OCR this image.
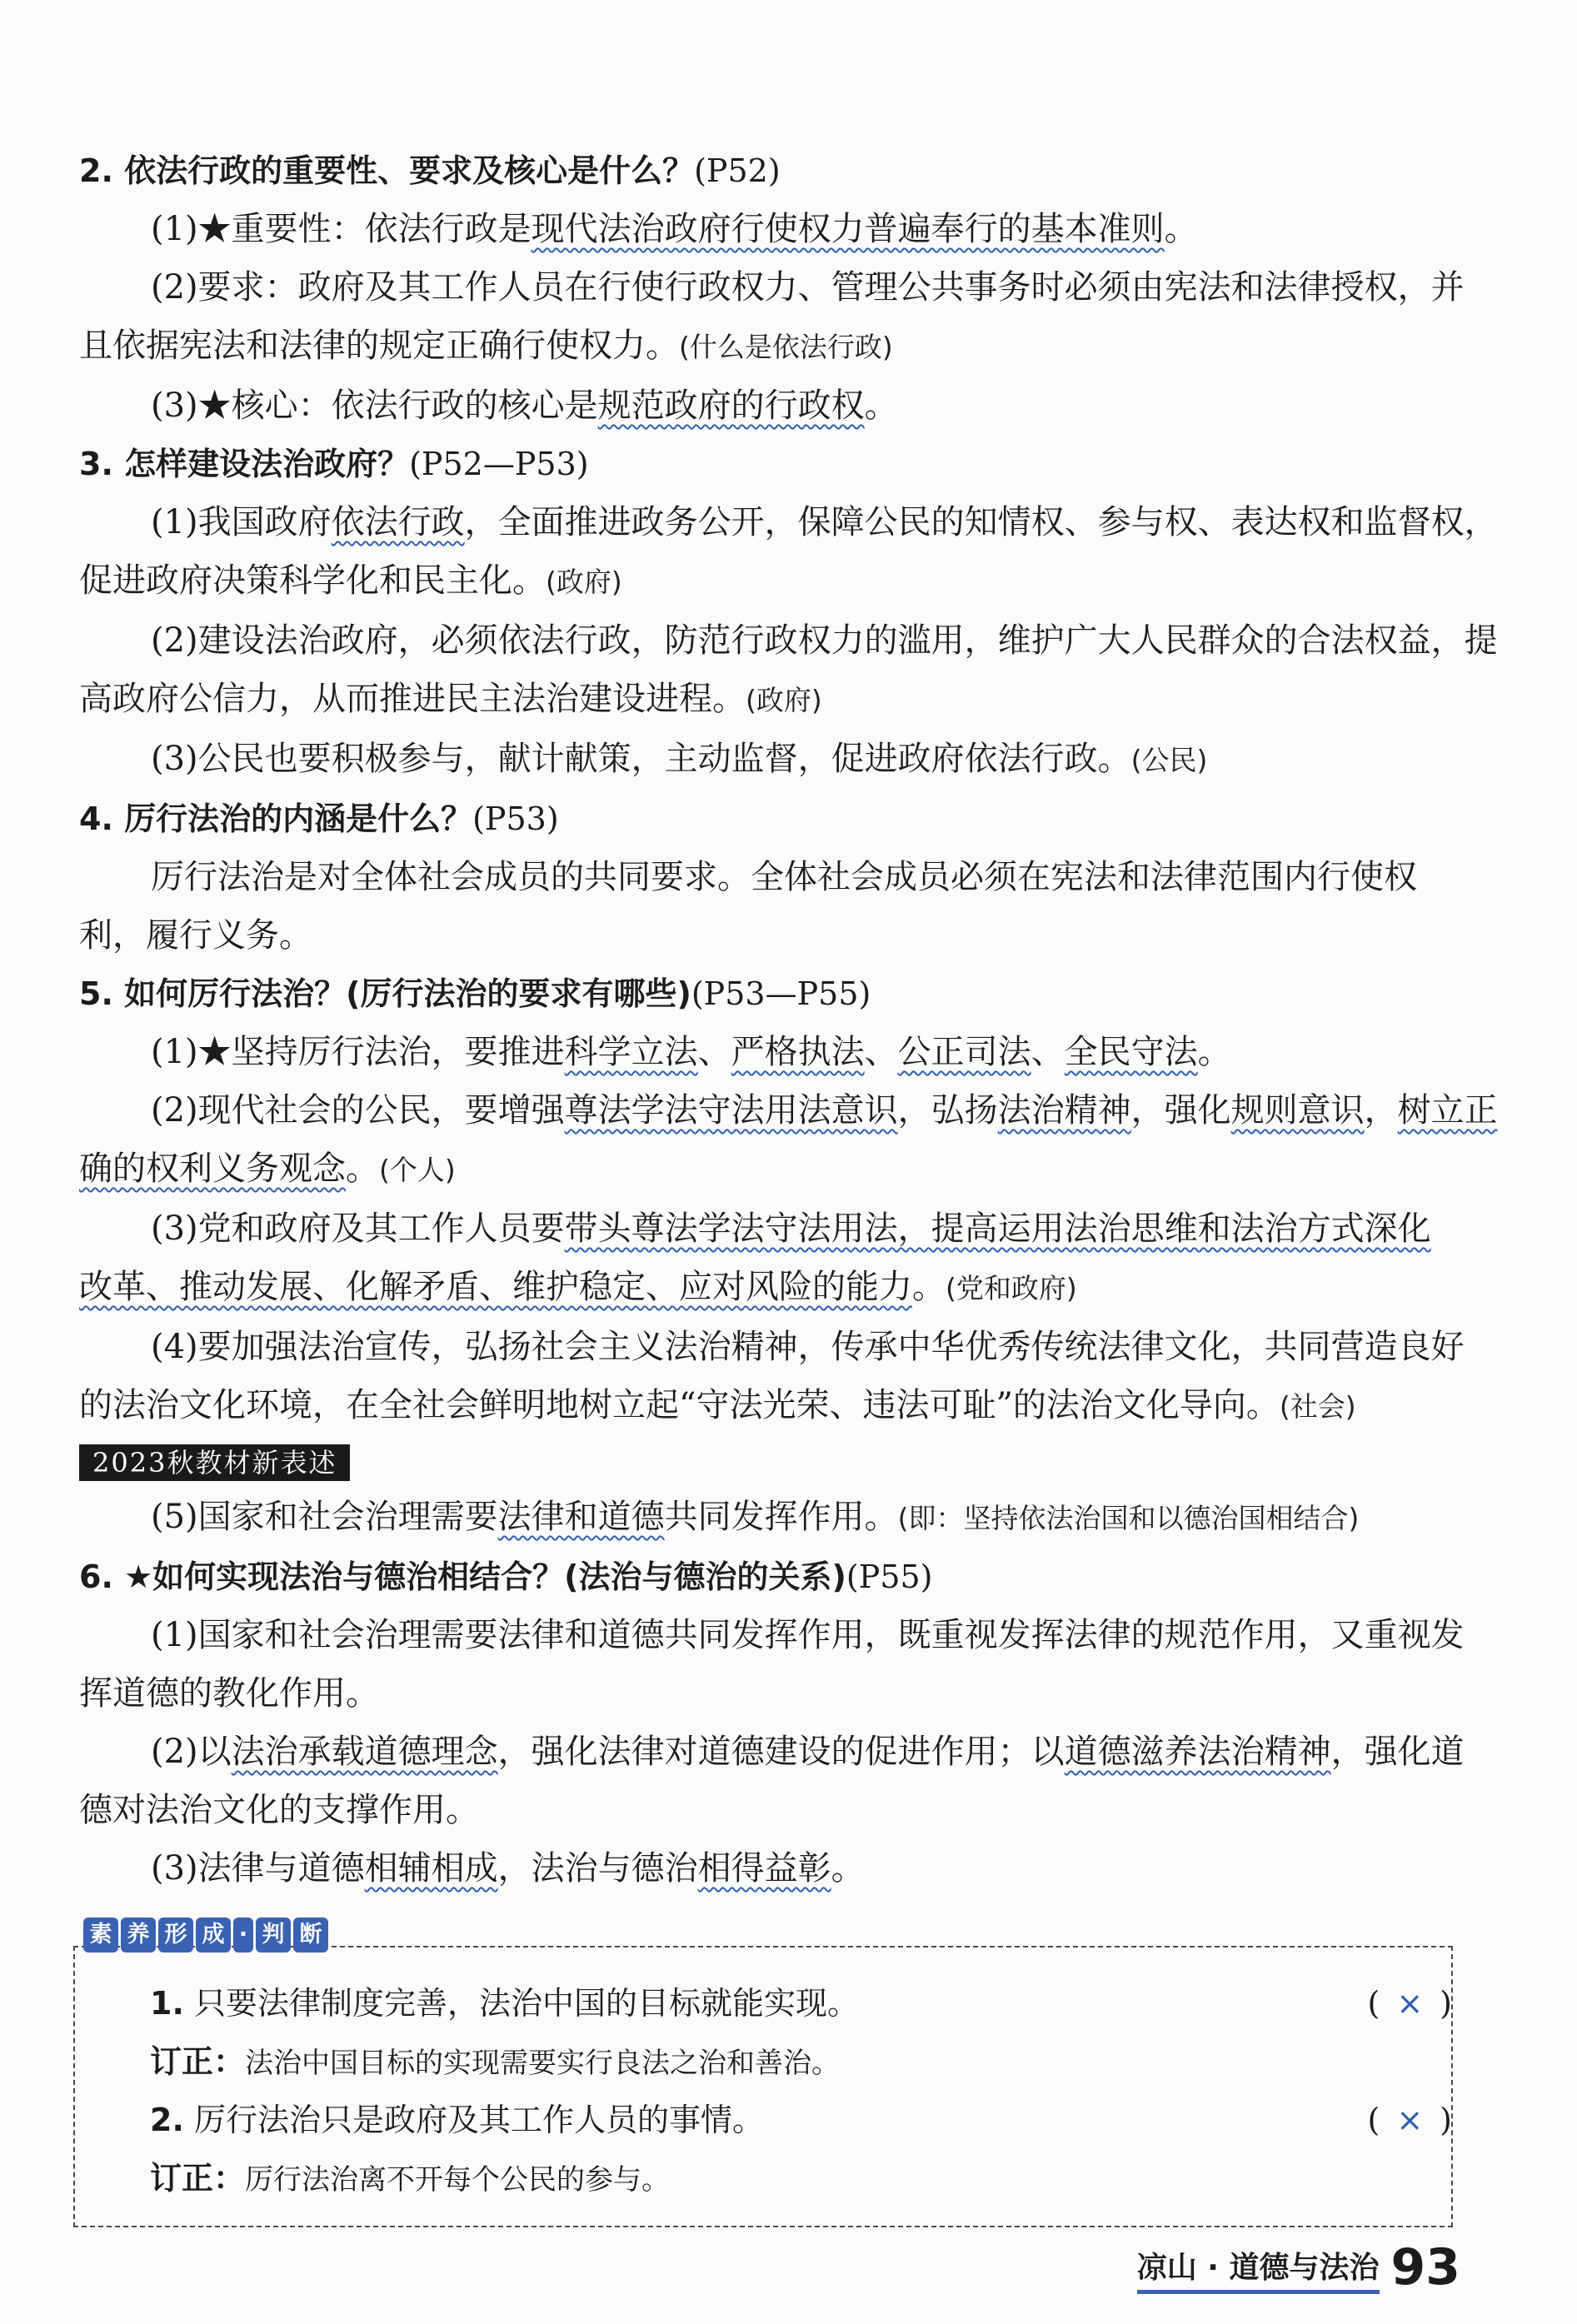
2. 依法行政的重要性、要求及核心是什么？(P52)

(1)★重要性：依法行政是现代法治政府行使权力普遍奉行的基本准则。

(2)要求：政府及其工作人员在行使行政权力、管理公共事务时必须由宪法和法律授权，并

且依据宪法和法律的规定正确行使权力。(什么是依法行政)

(3)★核心：依法行政的核心是规范政府的行政权。

3. 怎样建设法治政府？(P52—P53)

(1)我国政府依法行政，全面推进政务公开，保障公民的知情权、参与权、表达权和监督权，

促进政府决策科学化和民主化。(政府)

(2)建设法治政府，必须依法行政，防范行政权力的滥用，维护广大人民群众的合法权益，提

高政府公信力，从而推进民主法治建设进程。(政府)

(3)公民也要积极参与，献计献策，主动监督，促进政府依法行政。(公民)

4. 厉行法治的内涵是什么？(P53)

厉行法治是对全体社会成员的共同要求。全体社会成员必须在宪法和法律范围内行使权

利，履行义务。

5. 如何厉行法治？(厉行法治的要求有哪些)(P53—P55)

(1)★坚持厉行法治，要推进科学立法、严格执法、公正司法、全民守法。

(2)现代社会的公民，要增强尊法学法守法用法意识，弘扬法治精神，强化规则意识，树立正

确的权利义务观念。(个人)

(3)党和政府及其工作人员要带头尊法学法守法用法，提高运用法治思维和法治方式深化

改革、推动发展、化解矛盾、维护稳定、应对风险的能力。(党和政府)

(4)要加强法治宣传，弘扬社会主义法治精神，传承中华优秀传统法律文化，共同营造良好

的法治文化环境，在全社会鲜明地树立起“守法光荣、违法可耻”的法治文化导向。(社会)

2023秋教材新表述

(5)国家和社会治理需要法律和道德共同发挥作用。(即：坚持依法治国和以德治国相结合)

6. ★如何实现法治与德治相结合？(法治与德治的关系)(P55)

(1)国家和社会治理需要法律和道德共同发挥作用，既重视发挥法律的规范作用，又重视发

挥道德的教化作用。

(2)以法治承载道德理念，强化法律对道德建设的促进作用；以道德滋养法治精神，强化道

德对法治文化的支撑作用。

(3)法律与道德相辅相成，法治与德治相得益彰。

素 养 形 成 · 判 断
1. 只要法律制度完善，法治中国的目标就能实现。	( × )
订正：法治中国目标的实现需要实行良法之治和善治。
2. 厉行法治只是政府及其工作人员的事情。	( × )
订正：厉行法治离不开每个公民的参与。
凉山 · 道德与法治 93
